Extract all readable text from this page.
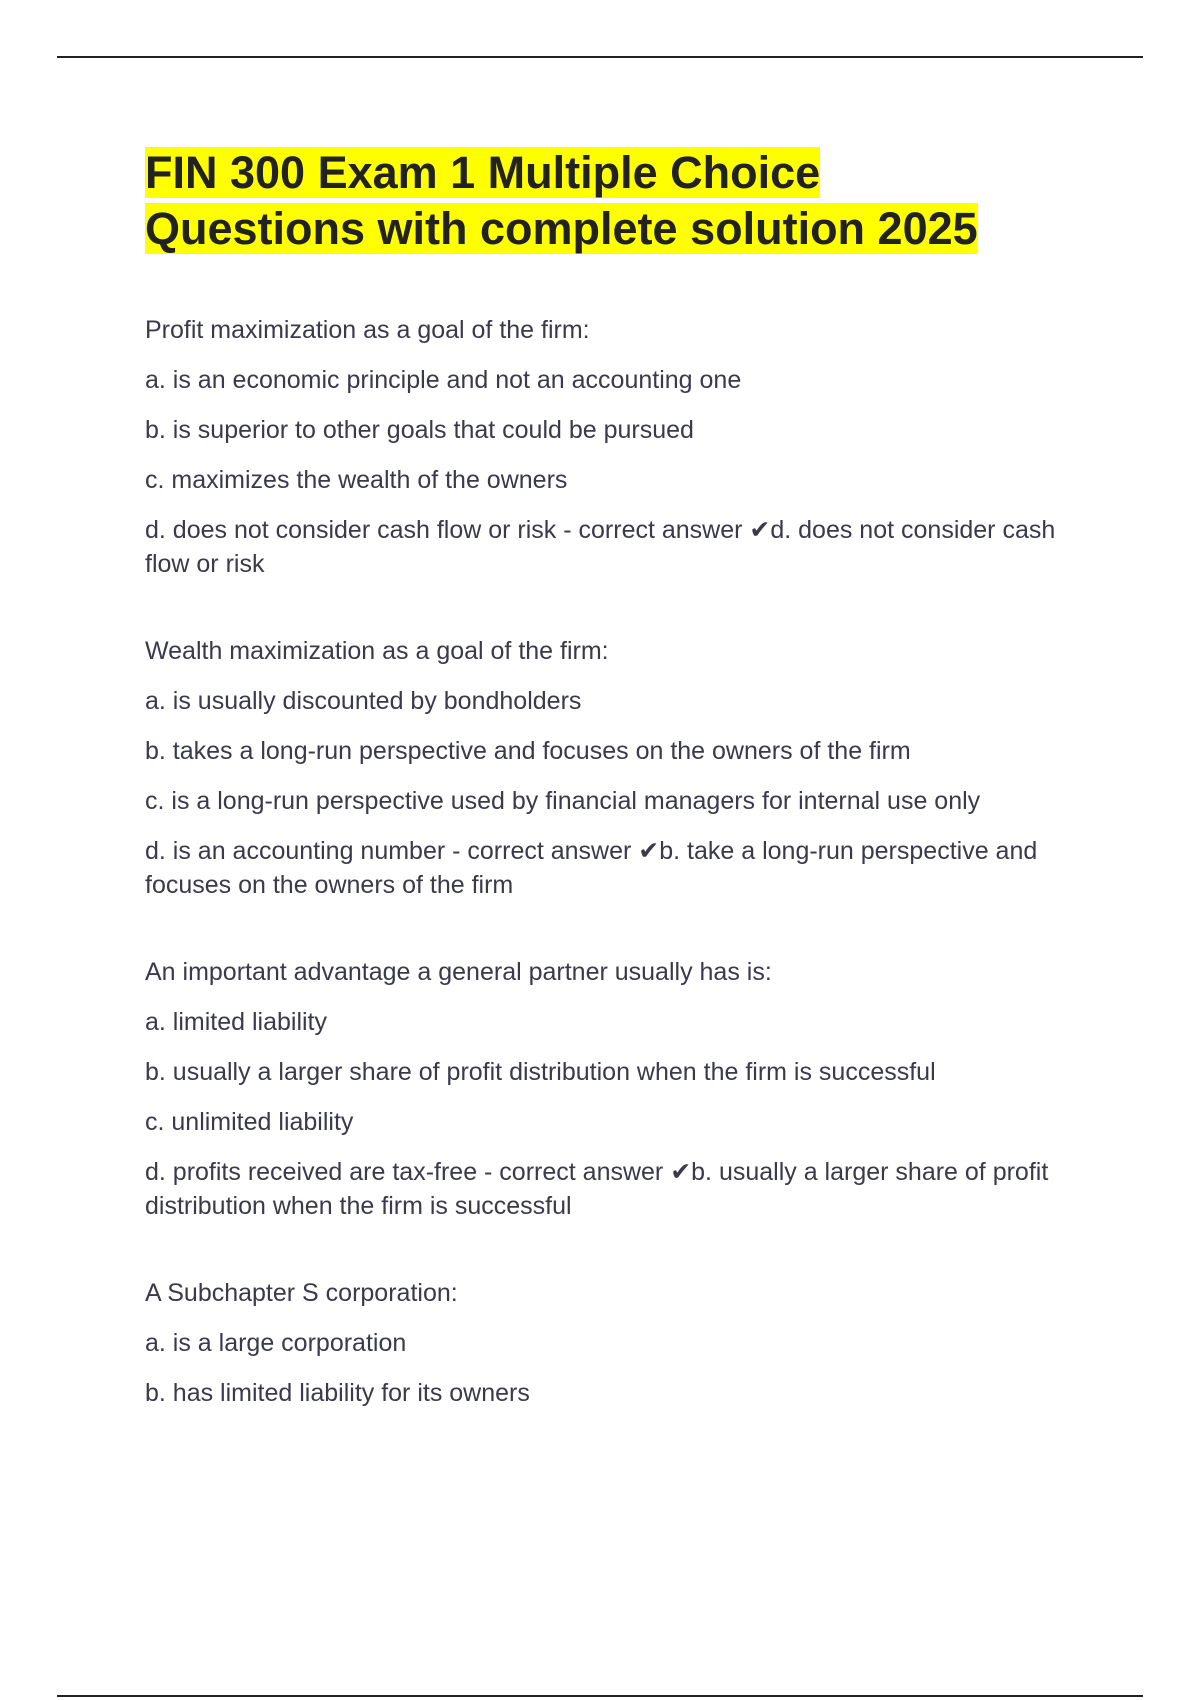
FIN 300 Exam 1 Multiple Choice
Questions with complete solution 2025

Profit maximization as a goal of the firm:

a. is an economic principle and not an accounting one

b. is superior to other goals that could be pursued

c. maximizes the wealth of the owners

d. does not consider cash flow or risk - correct answer ✔d. does not consider cash flow or risk

Wealth maximization as a goal of the firm:

a. is usually discounted by bondholders

b. takes a long-run perspective and focuses on the owners of the firm

c. is a long-run perspective used by financial managers for internal use only

d. is an accounting number - correct answer ✔b. take a long-run perspective and focuses on the owners of the firm

An important advantage a general partner usually has is:

a. limited liability

b. usually a larger share of profit distribution when the firm is successful

c. unlimited liability

d. profits received are tax-free - correct answer ✔b. usually a larger share of profit distribution when the firm is successful

A Subchapter S corporation:

a. is a large corporation

b. has limited liability for its owners
